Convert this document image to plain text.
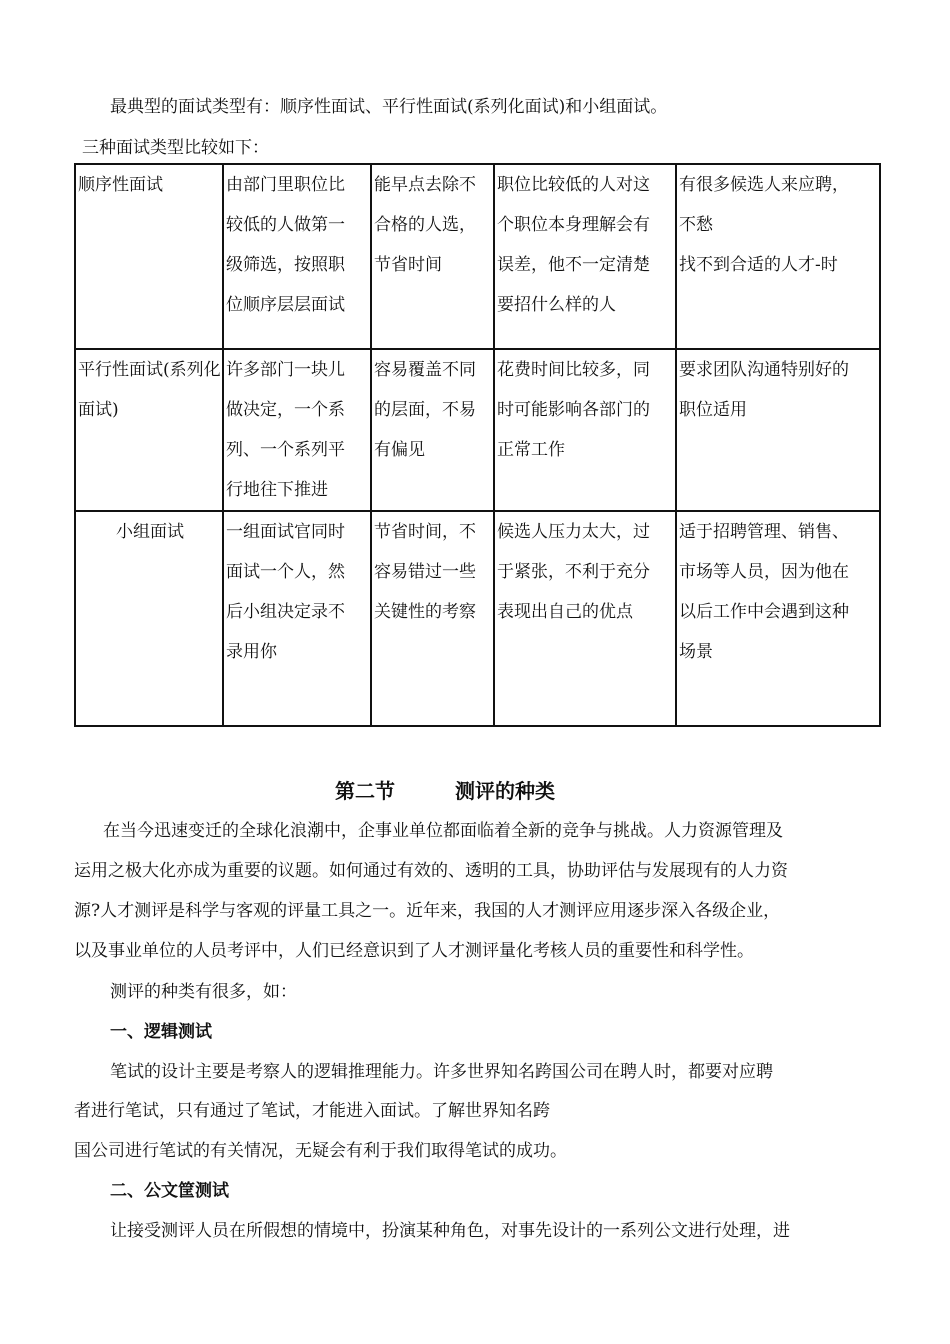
最典型的面试类型有：顺序性面试、平行性面试(系列化面试)和小组面试。
三种面试类型比较如下：
顺序性面试	由部门里职位比
较低的人做第一
级筛选，按照职
位顺序层层面试	能早点去除不
合格的人选，
节省时间	职位比较低的人对这
个职位本身理解会有
误差，他不一定清楚
要招什么样的人	有很多候选人来应聘，
不愁
找不到合适的人才-时

平行性面试(系列化面试)	许多部门一块儿
做决定，一个系
列、一个系列平
行地往下推进	容易覆盖不同
的层面，不易
有偏见	花费时间比较多，同
时可能影响各部门的
正常工作	要求团队沟通特别好的
职位适用

小组面试	一组面试官同时
面试一个人，然
后小组决定录不
录用你	节省时间，不
容易错过一些
关键性的考察	候选人压力太大，过
于紧张，不利于充分
表现出自己的优点	适于招聘管理、销售、
市场等人员，因为他在
以后工作中会遇到这种
场景
第二节	测评的种类
在当今迅速变迁的全球化浪潮中，企事业单位都面临着全新的竞争与挑战。人力资源管理及
运用之极大化亦成为重要的议题。如何通过有效的、透明的工具，协助评估与发展现有的人力资
源?人才测评是科学与客观的评量工具之一。近年来，我国的人才测评应用逐步深入各级企业，
以及事业单位的人员考评中，人们已经意识到了人才测评量化考核人员的重要性和科学性。
测评的种类有很多，如：
一、逻辑测试
笔试的设计主要是考察人的逻辑推理能力。许多世界知名跨国公司在聘人时，都要对应聘
者进行笔试，只有通过了笔试，才能进入面试。了解世界知名跨
国公司进行笔试的有关情况，无疑会有利于我们取得笔试的成功。
二、公文筐测试
让接受测评人员在所假想的情境中，扮演某种角色，对事先设计的一系列公文进行处理，进
